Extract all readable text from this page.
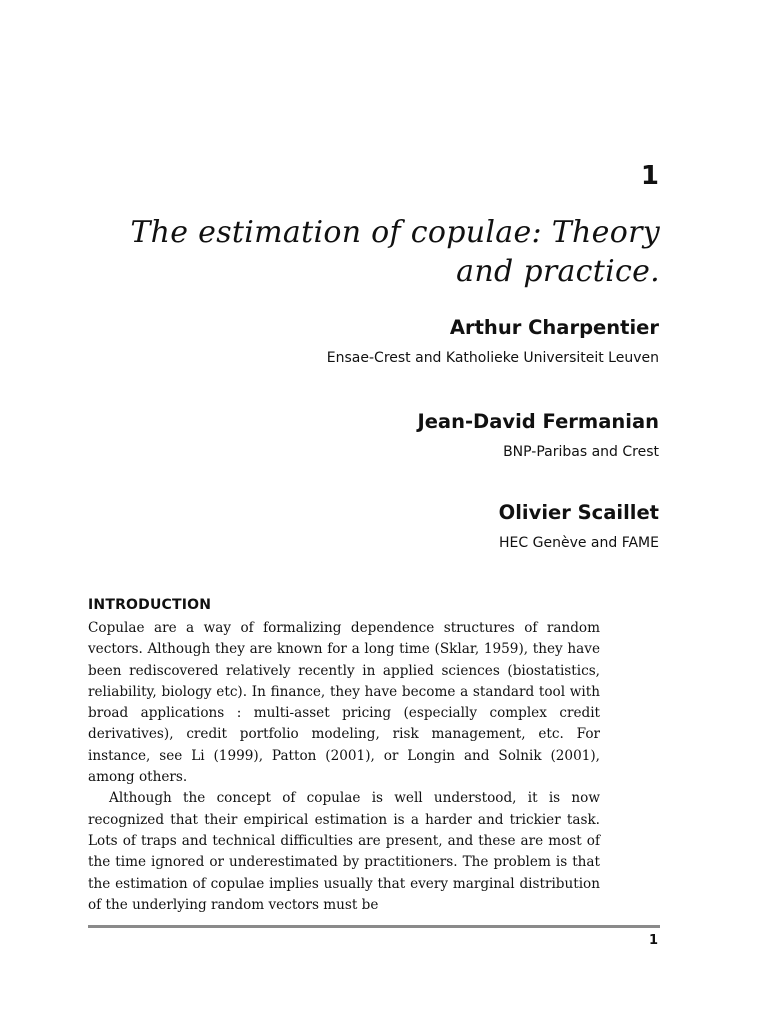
1
The estimation of copulae: Theory and practice.
Arthur Charpentier
Ensae-Crest and Katholieke Universiteit Leuven
Jean-David Fermanian
BNP-Paribas and Crest
Olivier Scaillet
HEC Genève and FAME
INTRODUCTION

Copulae are a way of formalizing dependence structures of random vectors. Although they are known for a long time (Sklar, 1959), they have been rediscovered relatively recently in applied sciences (biostatistics, reliability, biology etc). In finance, they have become a standard tool with broad applications : multi-asset pricing (especially complex credit derivatives), credit portfolio modeling, risk management, etc. For instance, see Li (1999), Patton (2001), or Longin and Solnik (2001), among others.

Although the concept of copulae is well understood, it is now recognized that their empirical estimation is a harder and trickier task. Lots of traps and technical difficulties are present, and these are most of the time ignored or underestimated by practitioners. The problem is that the estimation of copulae implies usually that every marginal distribution of the underlying random vectors must be

1
